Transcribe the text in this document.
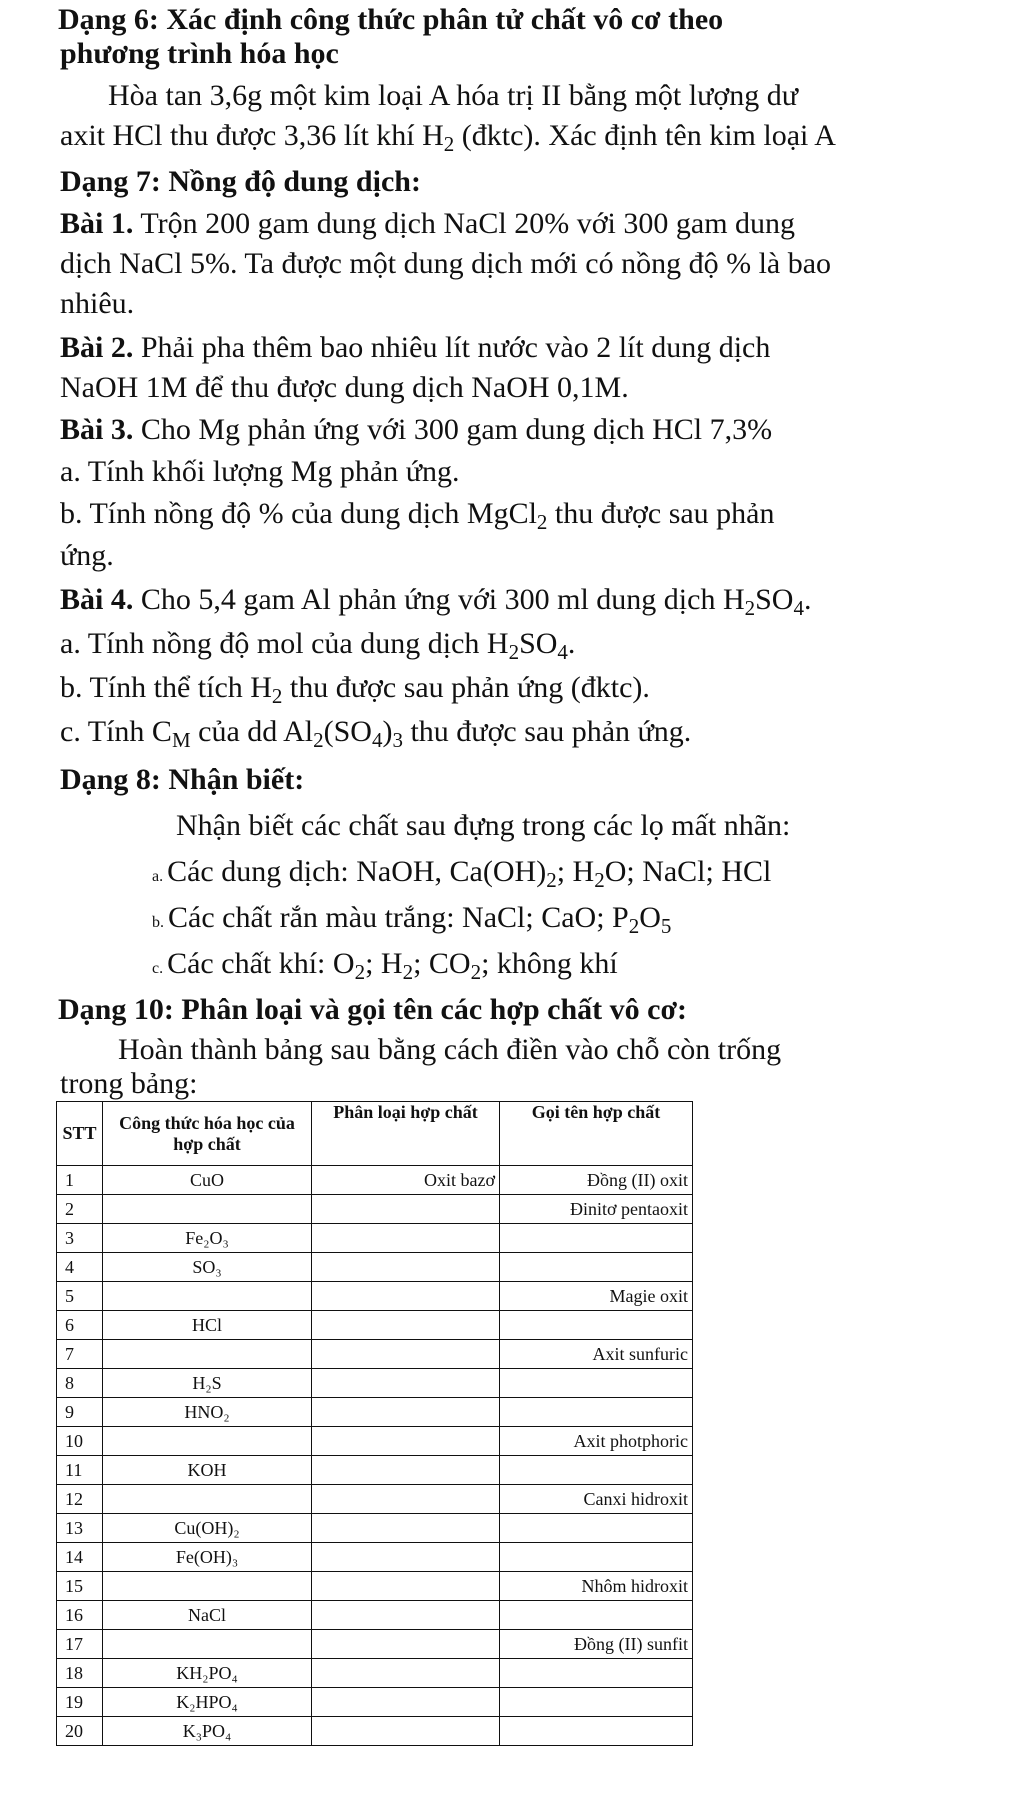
Dạng 6: Xác định công thức phân tử chất vô cơ theo
phương trình hóa học
Hòa tan 3,6g một kim loại A hóa trị II bằng một lượng dư
axit HCl thu được 3,36 lít khí $H_2$ (đktc). Xác định tên kim loại A
Dạng 7: Nồng độ dung dịch:
Bài 1. Trộn 200 gam dung dịch NaCl 20% với 300 gam dung
dịch NaCl 5%. Ta được một dung dịch mới có nồng độ % là bao
nhiêu.
Bài 2. Phải pha thêm bao nhiêu lít nước vào 2 lít dung dịch
NaOH 1M để thu được dung dịch NaOH 0,1M.
Bài 3. Cho Mg phản ứng với 300 gam dung dịch HCl 7,3%
a. Tính khối lượng Mg phản ứng.
b. Tính nồng độ % của dung dịch MgCl$_2$ thu được sau phản
ứng.
Bài 4. Cho 5,4 gam Al phản ứng với 300 ml dung dịch $H_2SO_4$.
a. Tính nồng độ mol của dung dịch $H_2SO_4$.
b. Tính thể tích $H_2$ thu được sau phản ứng (đktc).
c. Tính $C_M$ của dd $Al_2(SO_4)_3$ thu được sau phản ứng.
Dạng 8: Nhận biết:
Nhận biết các chất sau đựng trong các lọ mất nhãn:
a. Các dung dịch: NaOH, $Ca(OH)_2$; $H_2O$; NaCl; HCl
b. Các chất rắn màu trắng: NaCl; CaO; $P_2O_5$
c. Các chất khí: $O_2$; $H_2$; $CO_2$; không khí
Dạng 10: Phân loại và gọi tên các hợp chất vô cơ:
Hoàn thành bảng sau bằng cách điền vào chỗ còn trống
trong bảng:
STT	Công thức hóa học của hợp chất	Phân loại hợp chất	Gọi tên hợp chất
1	CuO	Oxit bazơ	Đồng (II) oxit
2			Đinitơ pentaoxit
3	Fe₂O₃		
4	SO₃		
5			Magie oxit
6	HCl		
7			Axit sunfuric
8	H₂S		
9	HNO₂		
10			Axit photphoric
11	KOH		
12			Canxi hidroxit
13	Cu(OH)₂		
14	Fe(OH)₃		
15			Nhôm hidroxit
16	NaCl		
17			Đồng (II) sunfit
18	KH₂PO₄		
19	K₂HPO₄		
20	K₃PO₄		
